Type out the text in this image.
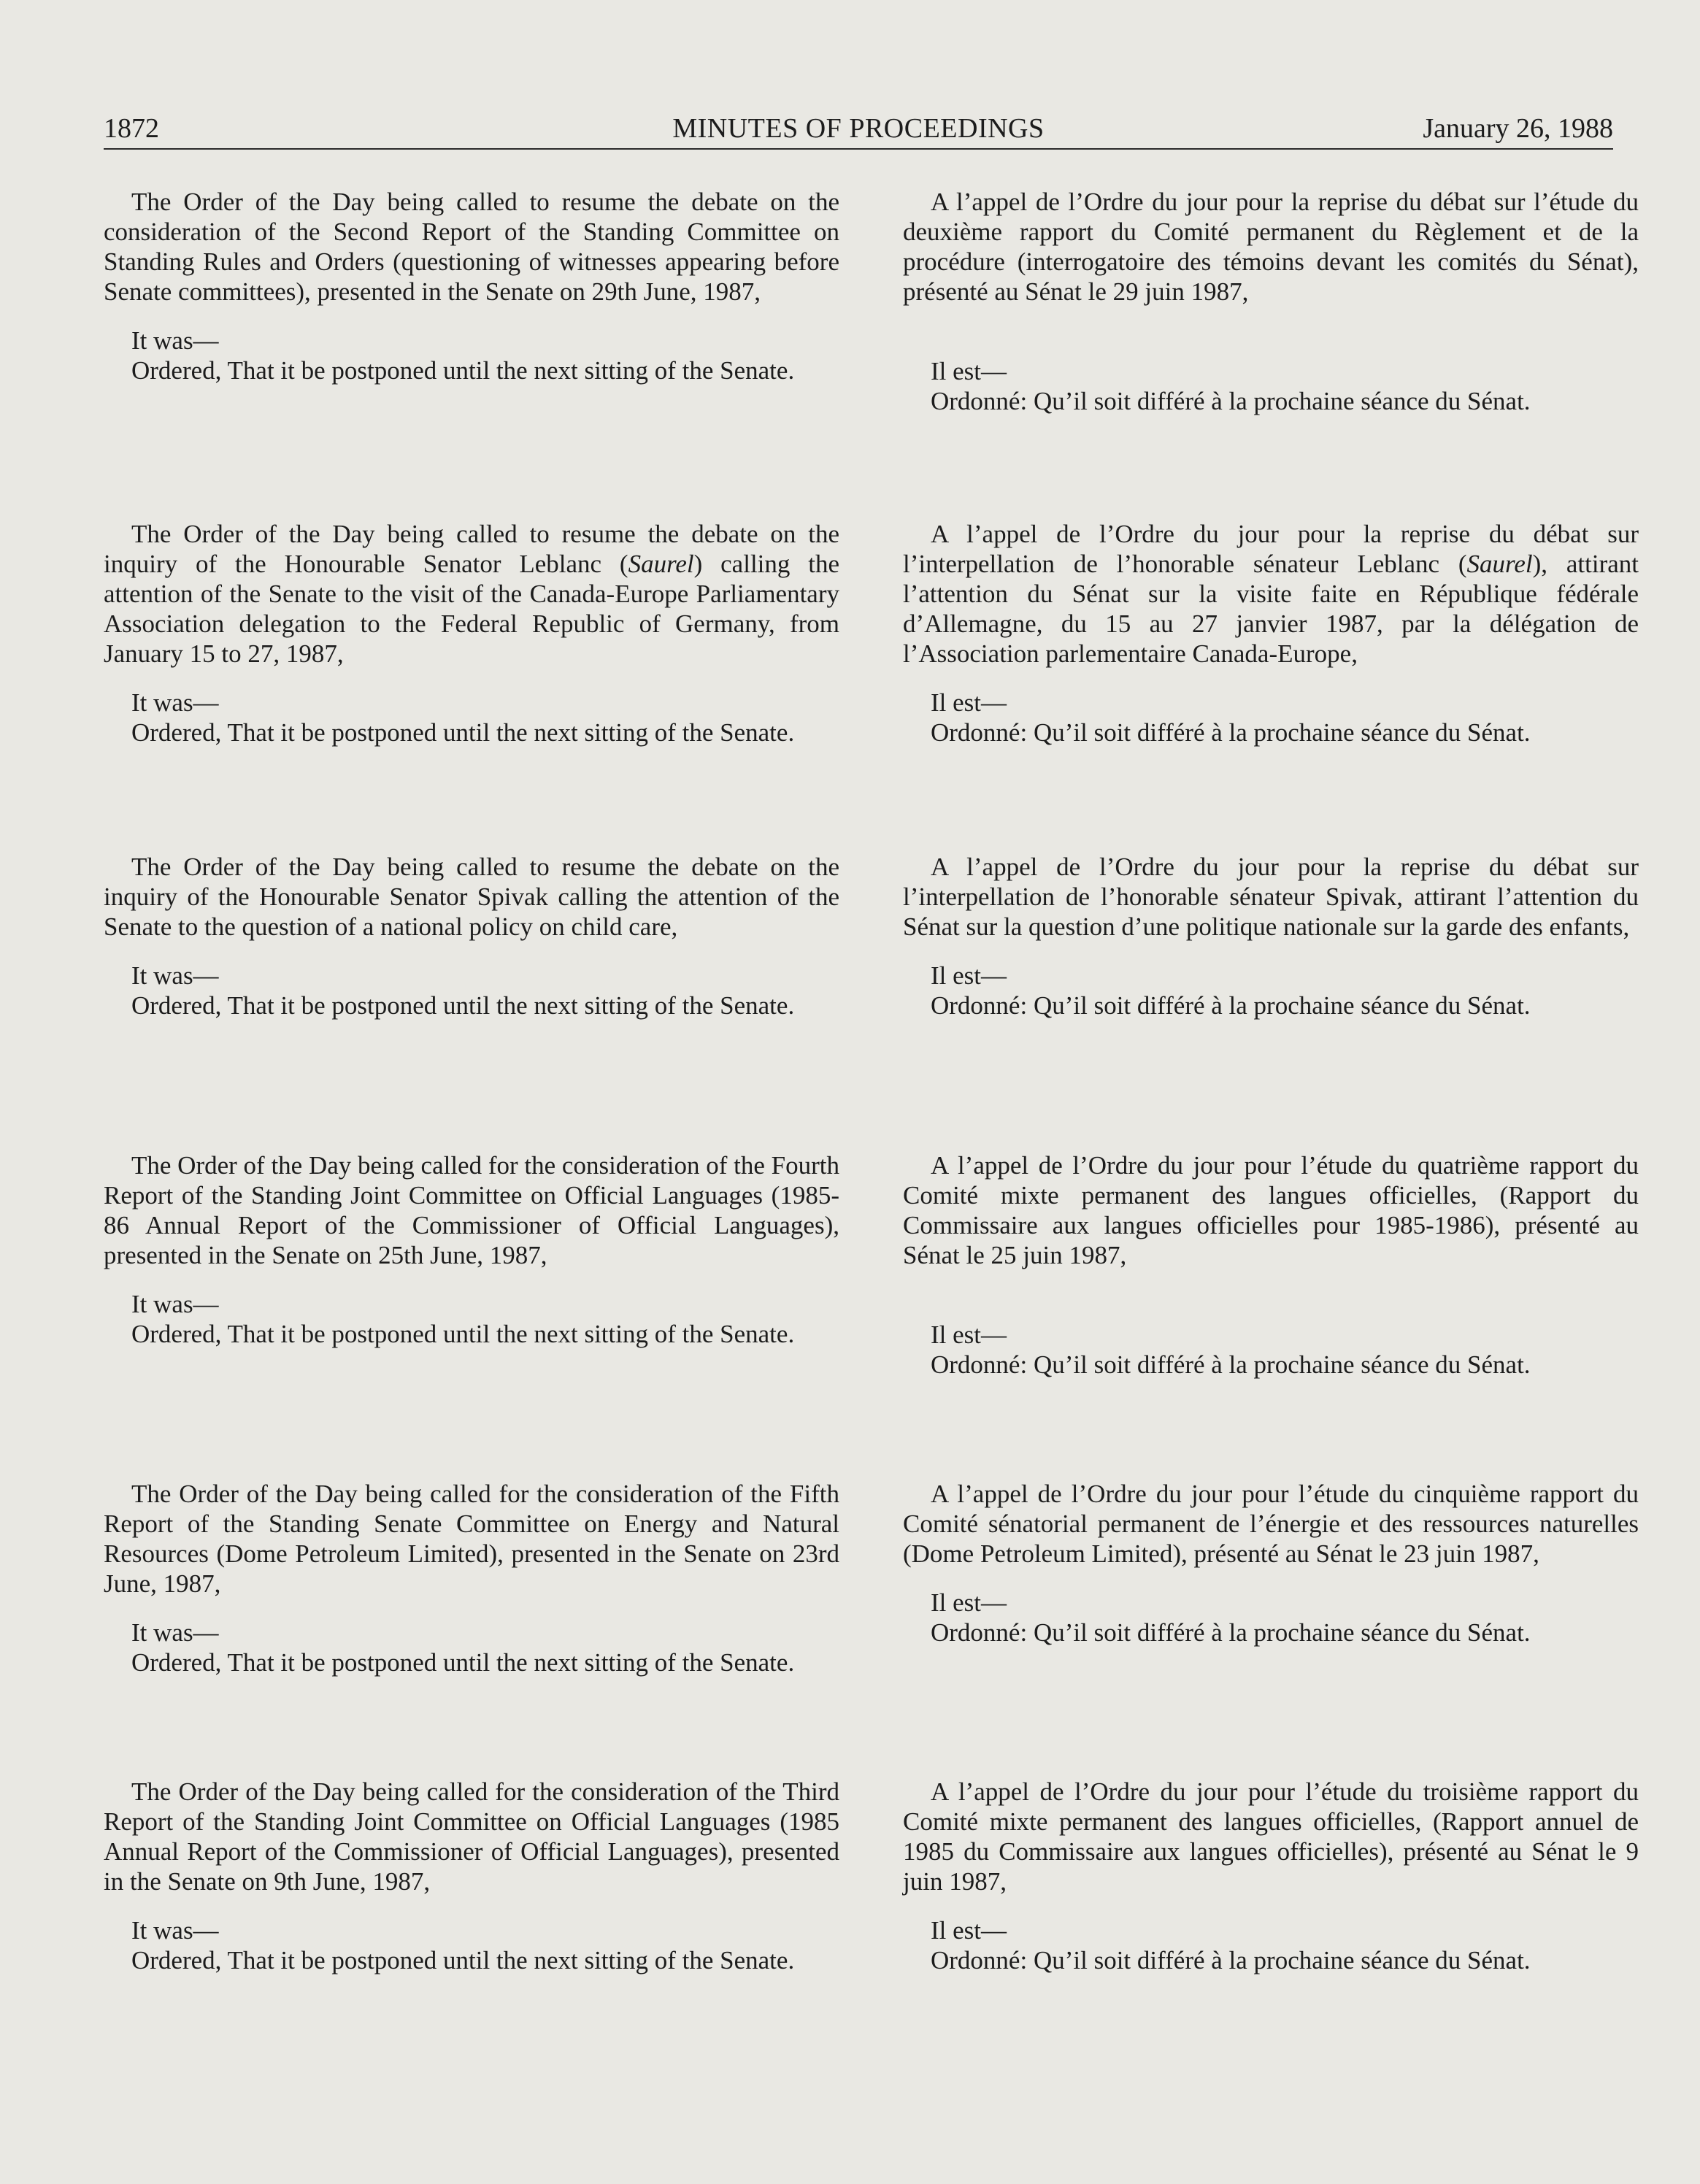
1872	MINUTES OF PROCEEDINGS	January 26, 1988

The Order of the Day being called to resume the debate on the consideration of the Second Report of the Standing Committee on Standing Rules and Orders (questioning of witnesses appearing before Senate committees), presented in the Senate on 29th June, 1987,

It was—

Ordered, That it be postponed until the next sitting of the Senate.

The Order of the Day being called to resume the debate on the inquiry of the Honourable Senator Leblanc (Saurel) calling the attention of the Senate to the visit of the Canada-Europe Parliamentary Association delegation to the Federal Republic of Germany, from January 15 to 27, 1987,

It was—

Ordered, That it be postponed until the next sitting of the Senate.

The Order of the Day being called to resume the debate on the inquiry of the Honourable Senator Spivak calling the attention of the Senate to the question of a national policy on child care,

It was—

Ordered, That it be postponed until the next sitting of the Senate.

The Order of the Day being called for the consideration of the Fourth Report of the Standing Joint Committee on Official Languages (1985-86 Annual Report of the Commissioner of Official Languages), presented in the Senate on 25th June, 1987,

It was—

Ordered, That it be postponed until the next sitting of the Senate.

The Order of the Day being called for the consideration of the Fifth Report of the Standing Senate Committee on Energy and Natural Resources (Dome Petroleum Limited), presented in the Senate on 23rd June, 1987,

It was—

Ordered, That it be postponed until the next sitting of the Senate.

The Order of the Day being called for the consideration of the Third Report of the Standing Joint Committee on Official Languages (1985 Annual Report of the Commissioner of Official Languages), presented in the Senate on 9th June, 1987,

It was—

Ordered, That it be postponed until the next sitting of the Senate.

A l’appel de l’Ordre du jour pour la reprise du débat sur l’étude du deuxième rapport du Comité permanent du Règlement et de la procédure (interrogatoire des témoins devant les comités du Sénat), présenté au Sénat le 29 juin 1987,

Il est—

Ordonné: Qu’il soit différé à la prochaine séance du Sénat.

A l’appel de l’Ordre du jour pour la reprise du débat sur l’interpellation de l’honorable sénateur Leblanc (Saurel), attirant l’attention du Sénat sur la visite faite en République fédérale d’Allemagne, du 15 au 27 janvier 1987, par la délégation de l’Association parlementaire Canada-Europe,

Il est—

Ordonné: Qu’il soit différé à la prochaine séance du Sénat.

A l’appel de l’Ordre du jour pour la reprise du débat sur l’interpellation de l’honorable sénateur Spivak, attirant l’attention du Sénat sur la question d’une politique nationale sur la garde des enfants,

Il est—

Ordonné: Qu’il soit différé à la prochaine séance du Sénat.

A l’appel de l’Ordre du jour pour l’étude du quatrième rapport du Comité mixte permanent des langues officielles, (Rapport du Commissaire aux langues officielles pour 1985-1986), présenté au Sénat le 25 juin 1987,

Il est—

Ordonné: Qu’il soit différé à la prochaine séance du Sénat.

A l’appel de l’Ordre du jour pour l’étude du cinquième rapport du Comité sénatorial permanent de l’énergie et des ressources naturelles (Dome Petroleum Limited), présenté au Sénat le 23 juin 1987,

Il est—

Ordonné: Qu’il soit différé à la prochaine séance du Sénat.

A l’appel de l’Ordre du jour pour l’étude du troisième rapport du Comité mixte permanent des langues officielles, (Rapport annuel de 1985 du Commissaire aux langues officielles), présenté au Sénat le 9 juin 1987,

Il est—

Ordonné: Qu’il soit différé à la prochaine séance du Sénat.
